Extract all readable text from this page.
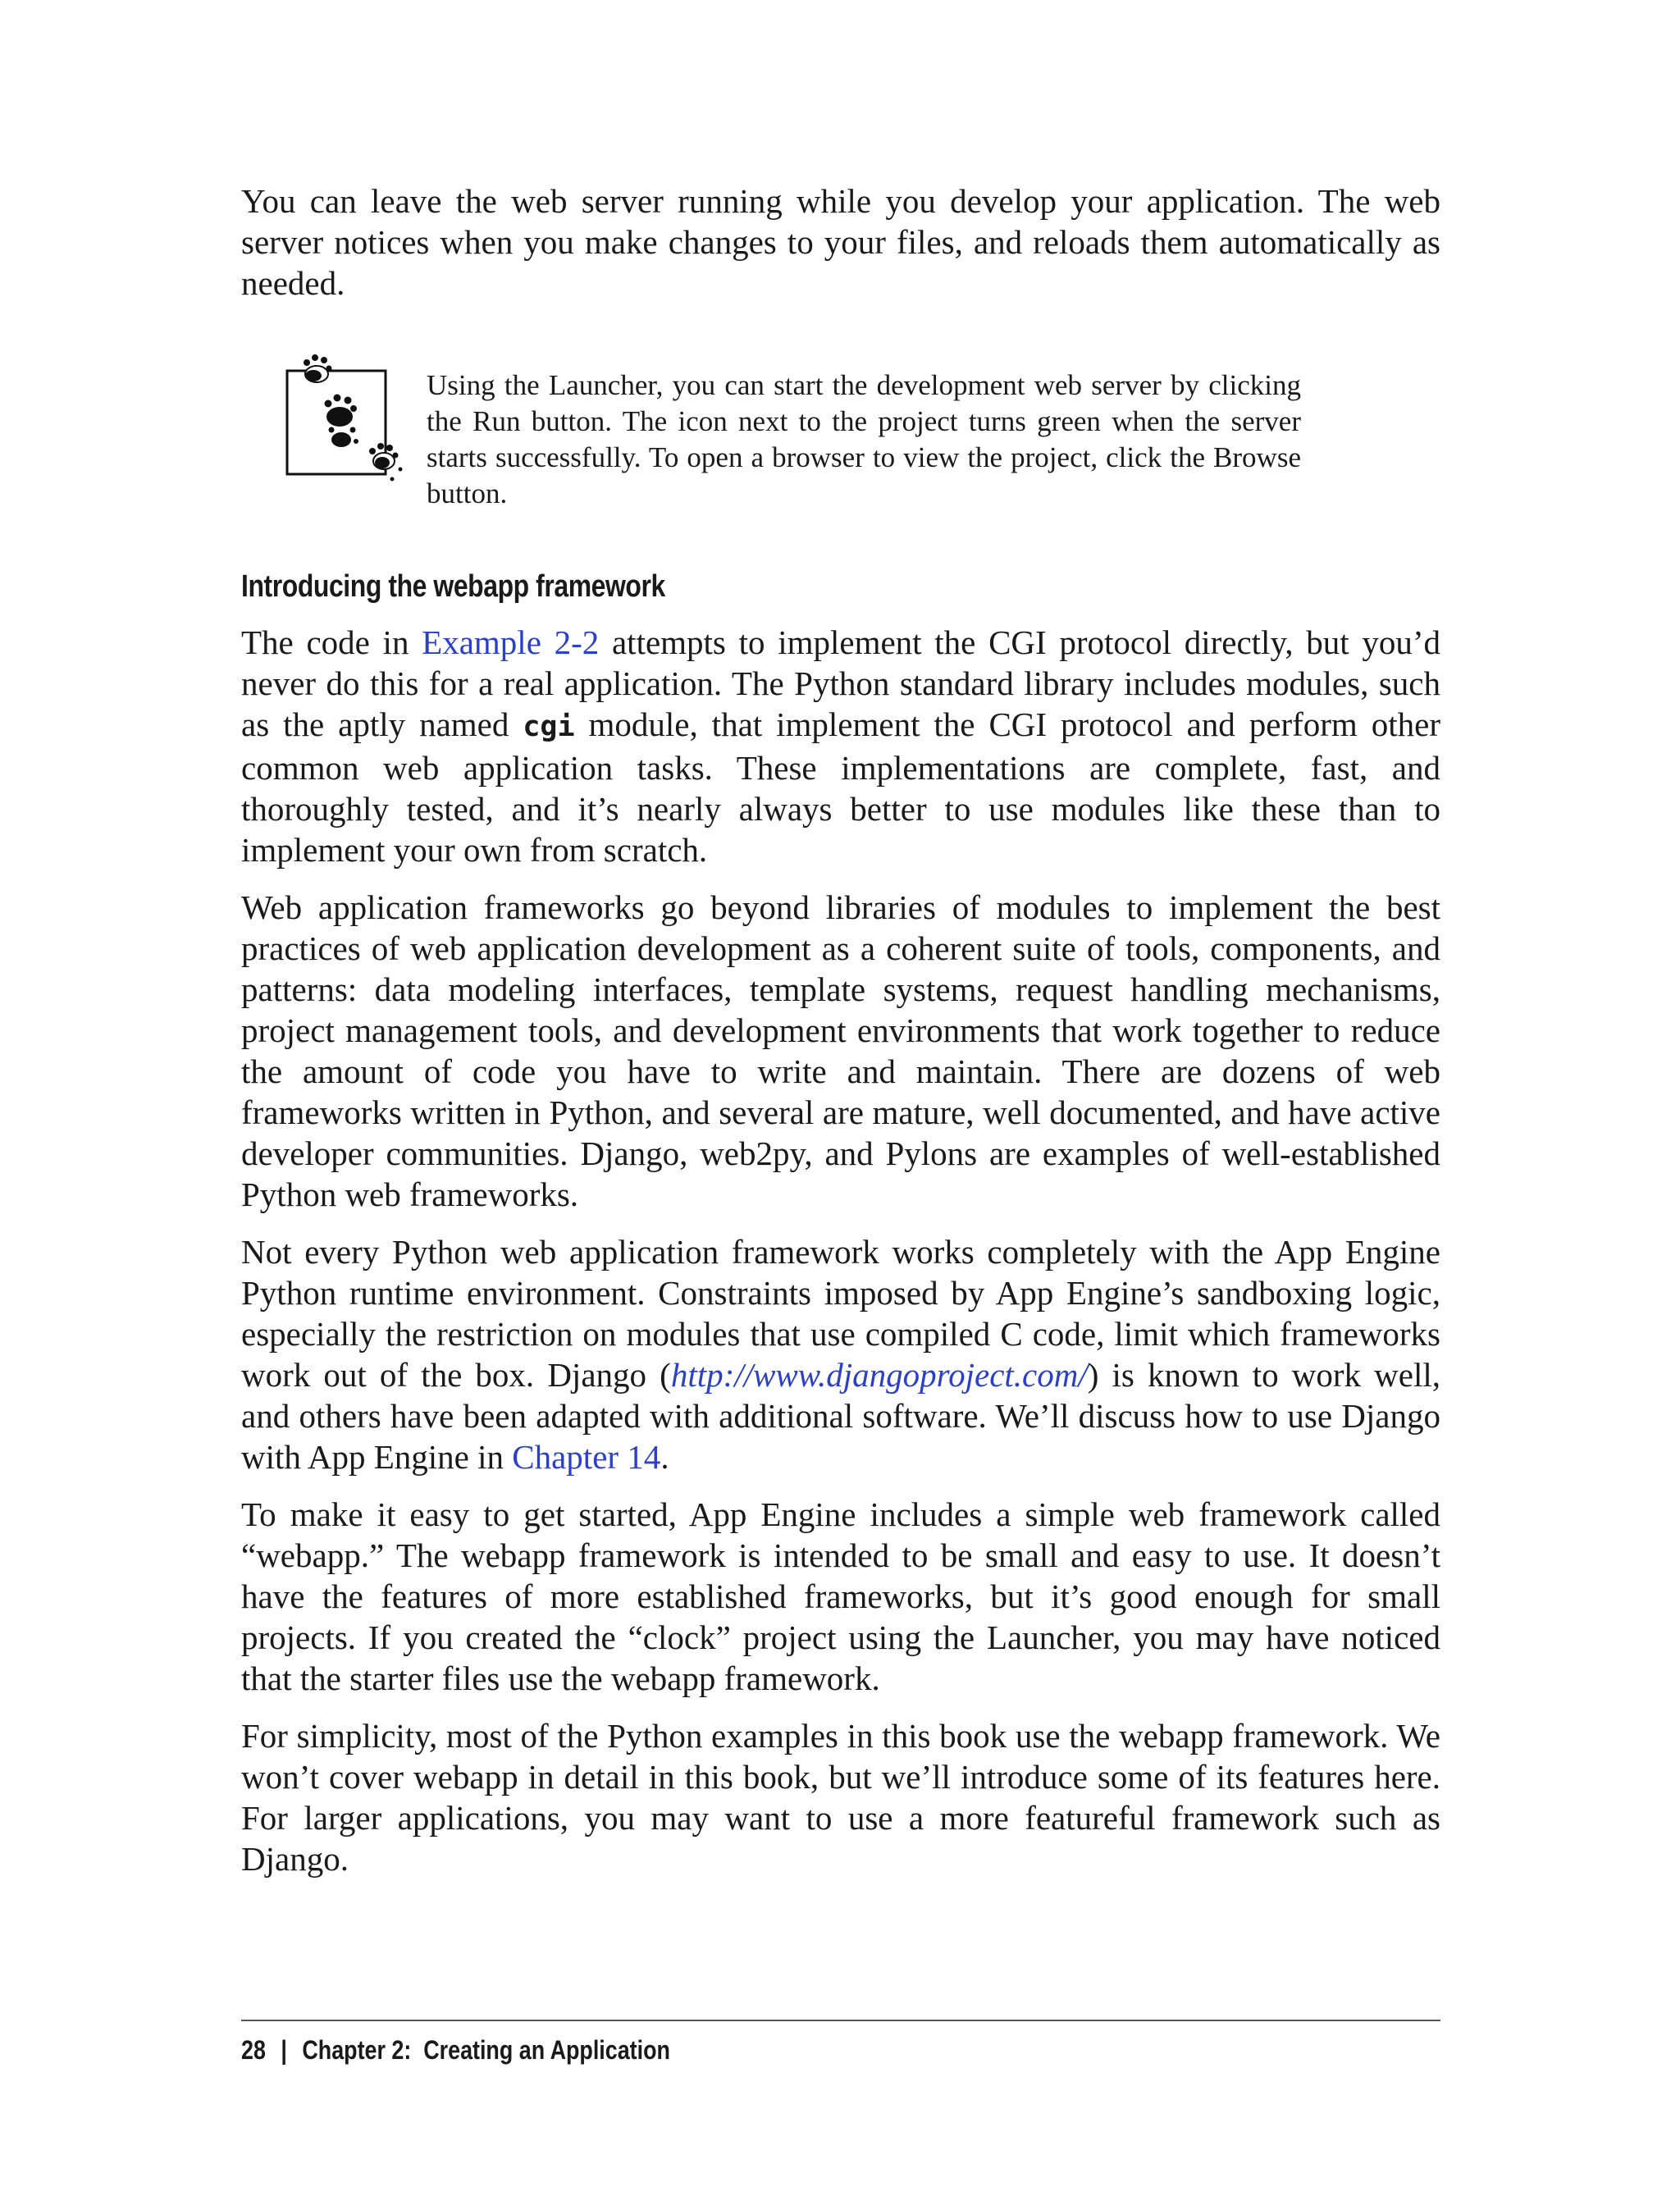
You can leave the web server running while you develop your application. The web server notices when you make changes to your files, and reloads them automatically as needed.

Using the Launcher, you can start the development web server by clicking the Run button. The icon next to the project turns green when the server starts successfully. To open a browser to view the project, click the Browse button.

Introducing the webapp framework

The code in Example 2-2 attempts to implement the CGI protocol directly, but you’d never do this for a real application. The Python standard library includes modules, such as the aptly named cgi module, that implement the CGI protocol and perform other common web application tasks. These implementations are complete, fast, and thoroughly tested, and it’s nearly always better to use modules like these than to implement your own from scratch.

Web application frameworks go beyond libraries of modules to implement the best practices of web application development as a coherent suite of tools, components, and patterns: data modeling interfaces, template systems, request handling mechanisms, project management tools, and development environments that work together to reduce the amount of code you have to write and maintain. There are dozens of web frameworks written in Python, and several are mature, well documented, and have active developer communities. Django, web2py, and Pylons are examples of well-established Python web frameworks.

Not every Python web application framework works completely with the App Engine Python runtime environment. Constraints imposed by App Engine’s sandboxing logic, especially the restriction on modules that use compiled C code, limit which frameworks work out of the box. Django (http://www.djangoproject.com/) is known to work well, and others have been adapted with additional software. We’ll discuss how to use Django with App Engine in Chapter 14.

To make it easy to get started, App Engine includes a simple web framework called “webapp.” The webapp framework is intended to be small and easy to use. It doesn’t have the features of more established frameworks, but it’s good enough for small projects. If you created the “clock” project using the Launcher, you may have noticed that the starter files use the webapp framework.

For simplicity, most of the Python examples in this book use the webapp framework. We won’t cover webapp in detail in this book, but we’ll introduce some of its features here. For larger applications, you may want to use a more featureful framework such as Django.

28 | Chapter 2:  Creating an Application
